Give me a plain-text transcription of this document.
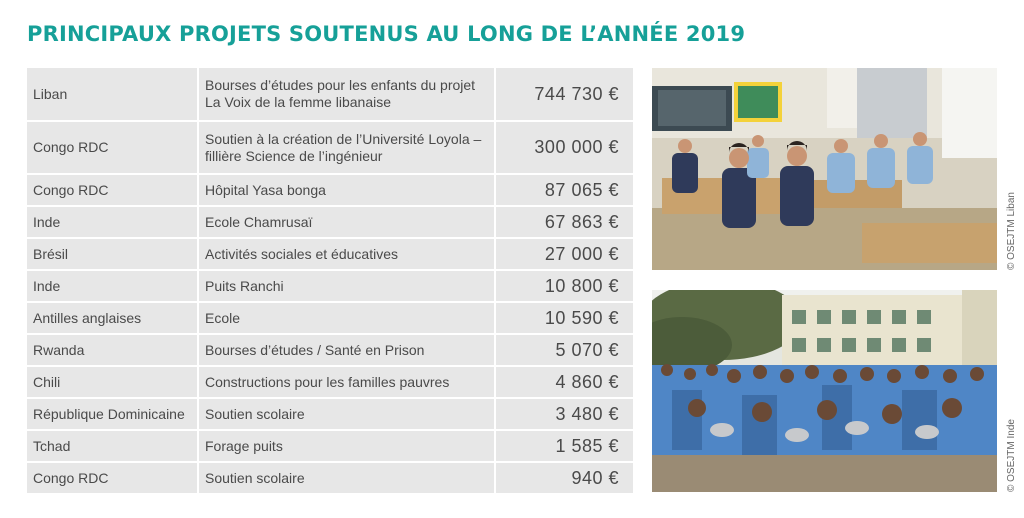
PRINCIPAUX PROJETS SOUTENUS AU LONG DE L’ANNÉE 2019
Liban	Bourses d’études pour les enfants du projet La Voix de la femme libanaise	744 730 €
Congo RDC	Soutien à la création de l’Université Loyola – fillière Science de l’ingénieur	300 000 €
Congo RDC	Hôpital Yasa bonga	87 065 €
Inde	Ecole Chamrusaï	67 863 €
Brésil	Activités sociales et éducatives	27 000 €
Inde	Puits Ranchi	10 800 €
Antilles anglaises	Ecole	10 590 €
Rwanda	Bourses d’études / Santé en Prison	5 070 €
Chili	Constructions pour les familles pauvres	4 860 €
République Dominicaine	Soutien scolaire	3 480 €
Tchad	Forage puits	1 585 €
Congo RDC	Soutien scolaire	940 €
© OSEJTM Liban
© OSEJTM Inde
